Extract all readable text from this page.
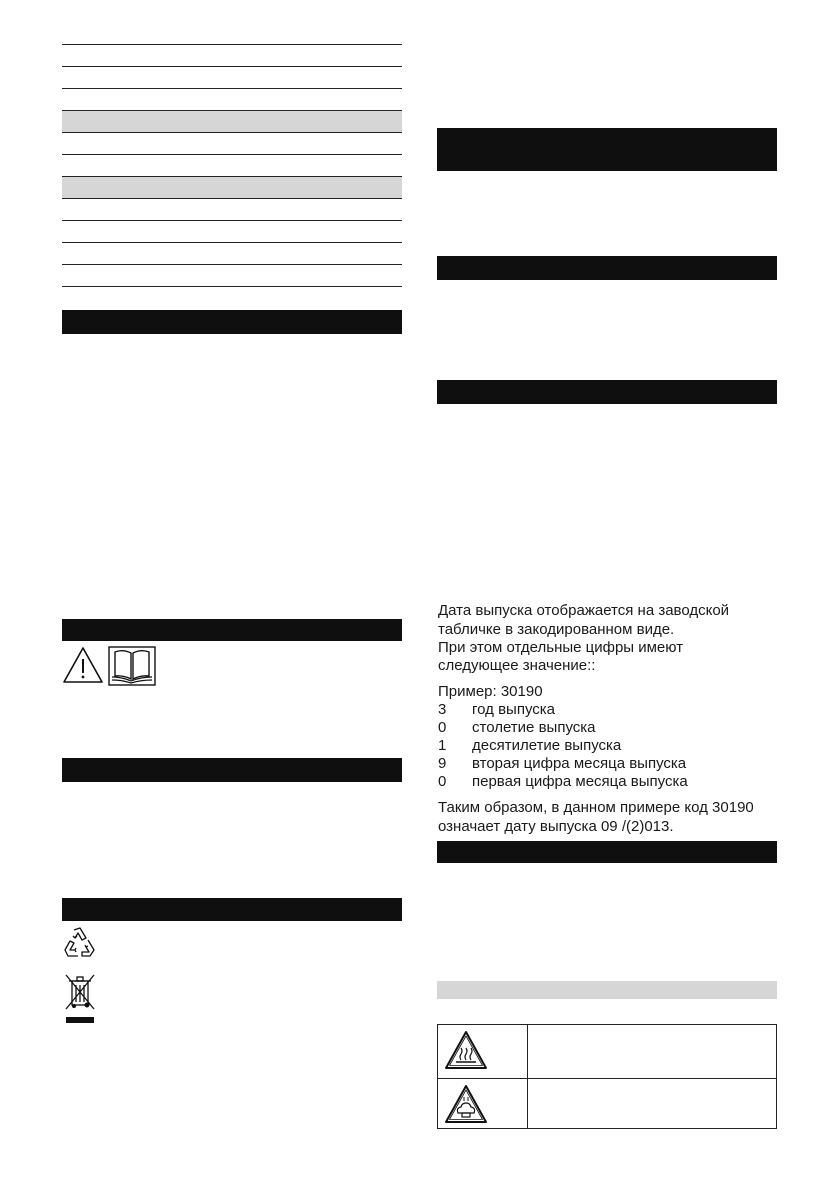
Дата выпуска отображается на заводской
табличке в закодированном виде.
При этом отдельные цифры имеют
следующее значение::
Пример: 30190
3 год выпуска
0 столетие выпуска
1 десятилетие выпуска
9 вторая цифра месяца выпуска
0 первая цифра месяца выпуска
Таким образом, в данном примере код 30190
означает дату выпуска 09 /(2)013.
